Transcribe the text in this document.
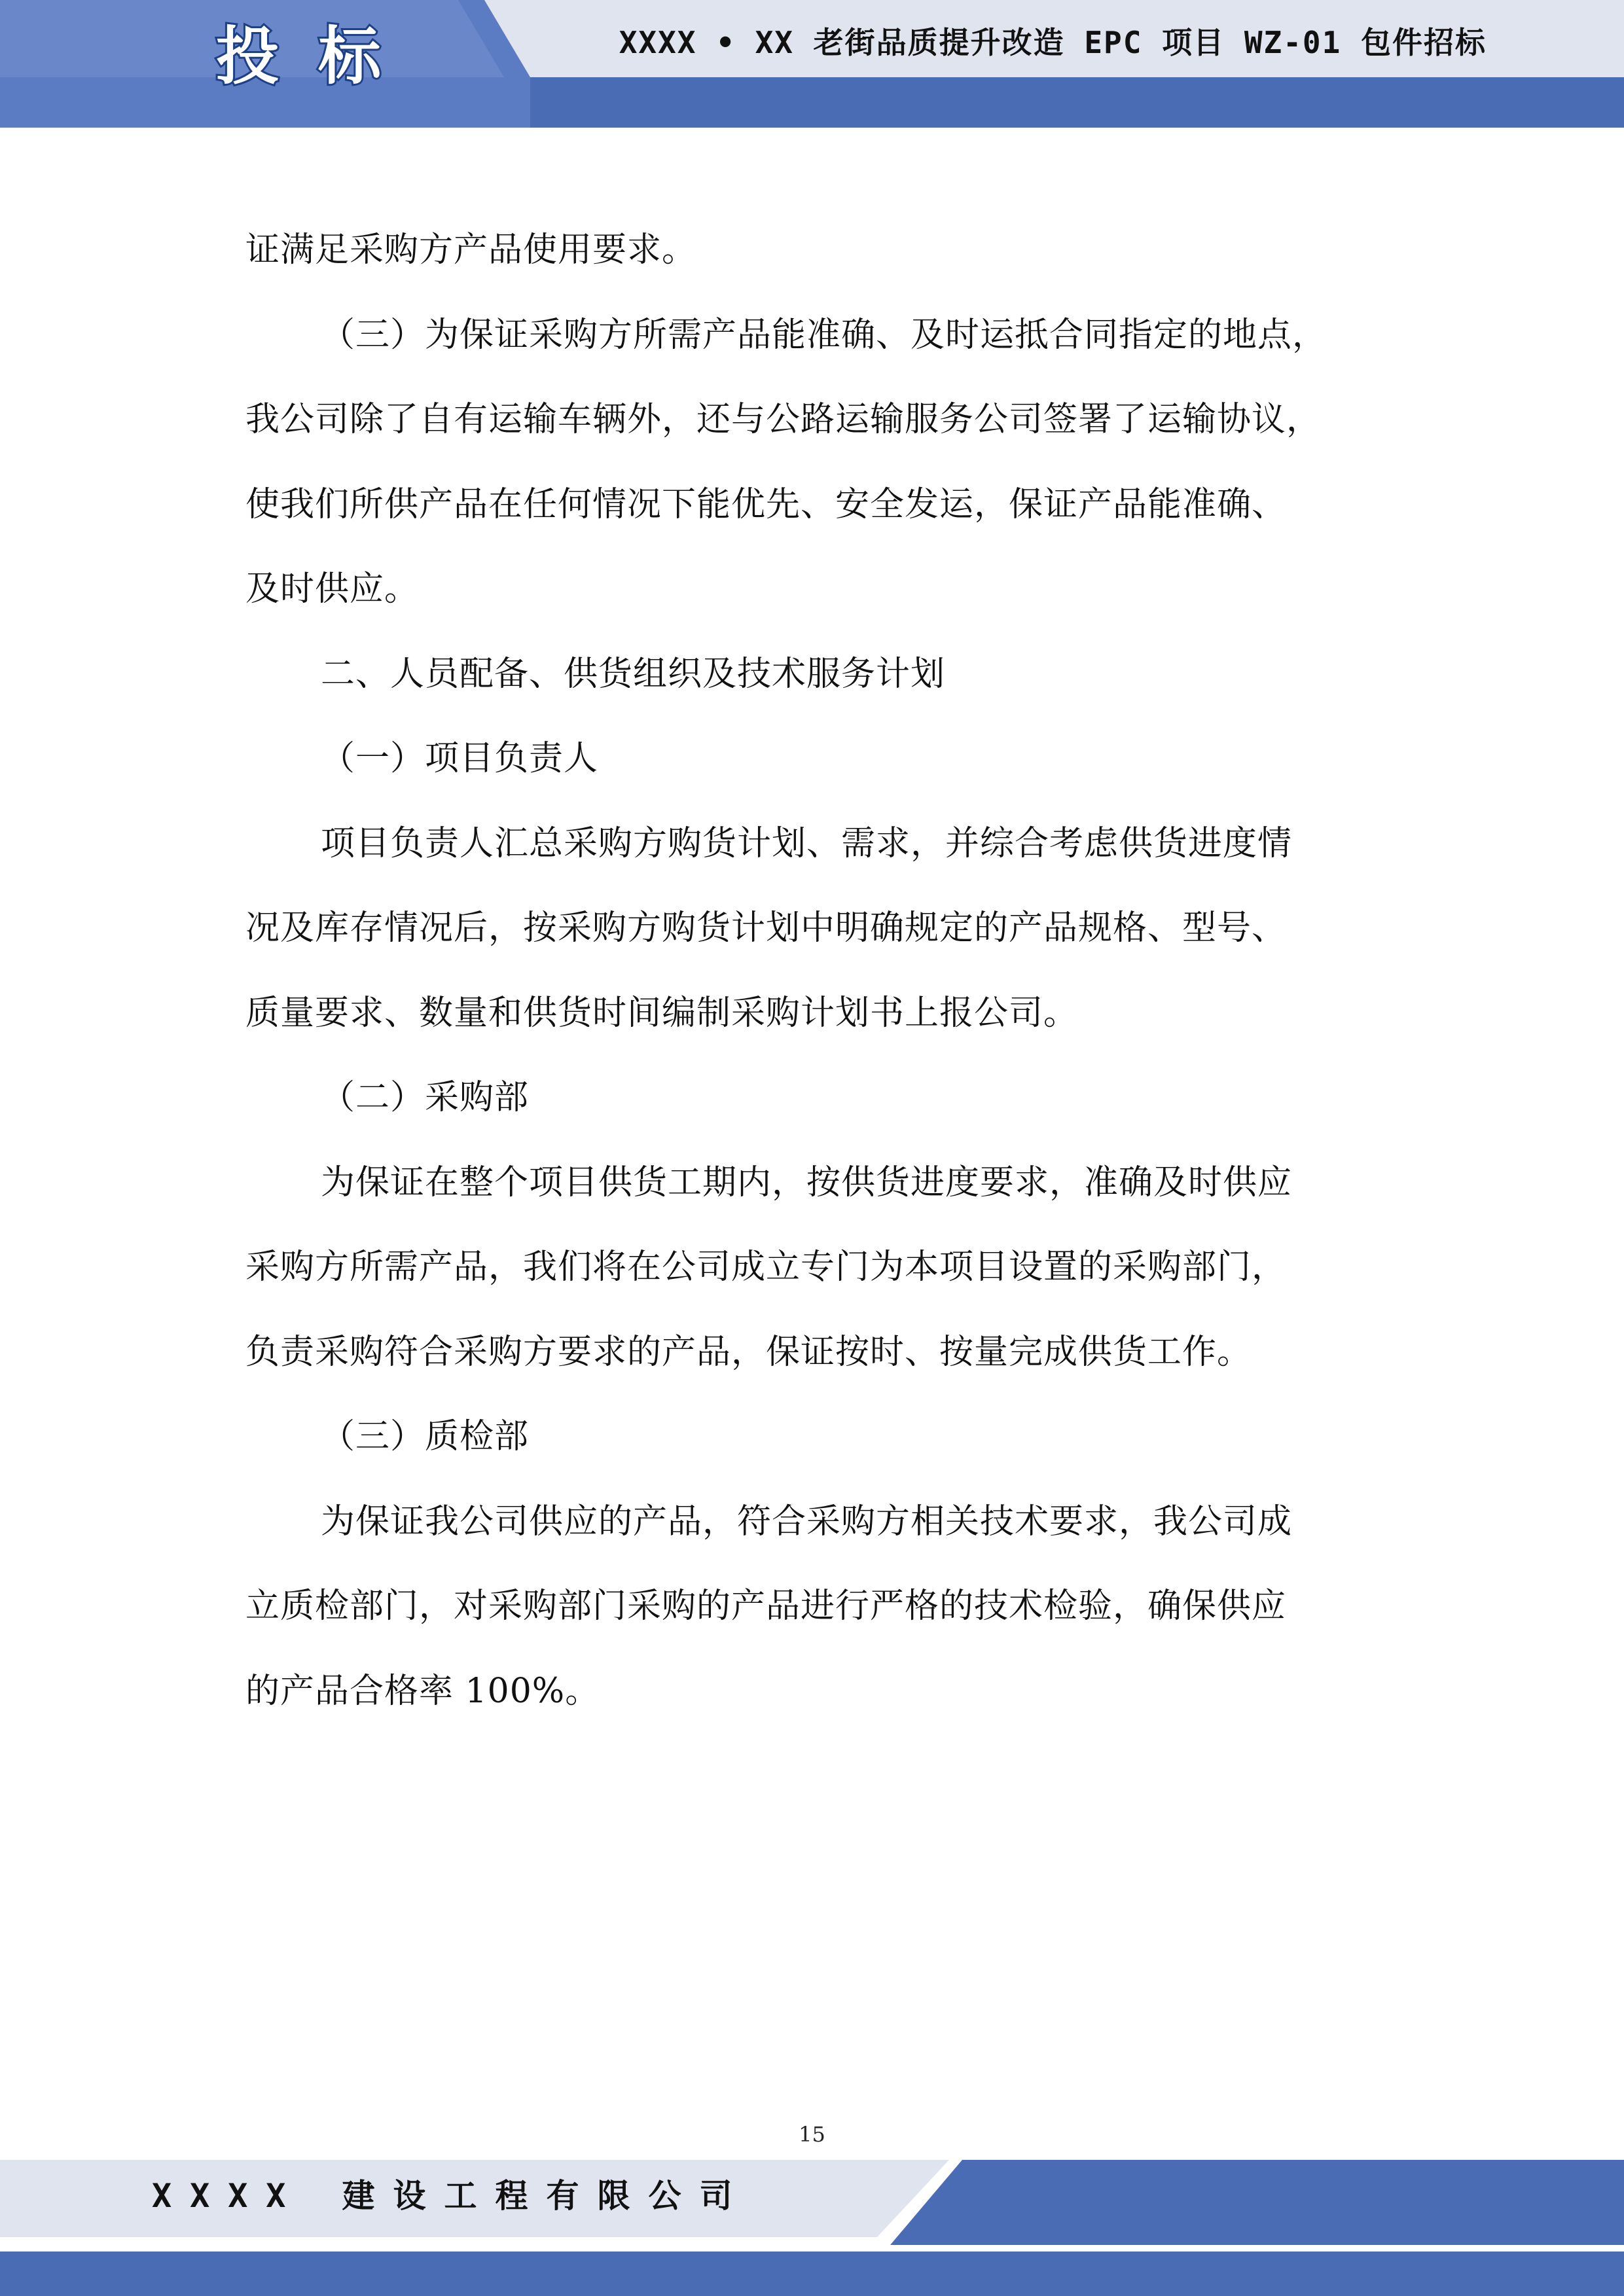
投标	XXXX • XX 老街品质提升改造 EPC 项目 WZ-01 包件招标
证满足采购方产品使用要求。
（三）为保证采购方所需产品能准确、及时运抵合同指定的地点，
我公司除了自有运输车辆外，还与公路运输服务公司签署了运输协议，
使我们所供产品在任何情况下能优先、安全发运，保证产品能准确、
及时供应。
二、人员配备、供货组织及技术服务计划
（一）项目负责人
项目负责人汇总采购方购货计划、需求，并综合考虑供货进度情
况及库存情况后，按采购方购货计划中明确规定的产品规格、型号、
质量要求、数量和供货时间编制采购计划书上报公司。
（二）采购部
为保证在整个项目供货工期内，按供货进度要求，准确及时供应
采购方所需产品，我们将在公司成立专门为本项目设置的采购部门，
负责采购符合采购方要求的产品，保证按时、按量完成供货工作。
（三）质检部
为保证我公司供应的产品，符合采购方相关技术要求，我公司成
立质检部门，对采购部门采购的产品进行严格的技术检验，确保供应
的产品合格率 100%。
15
XXXX 建设工程有限公司
